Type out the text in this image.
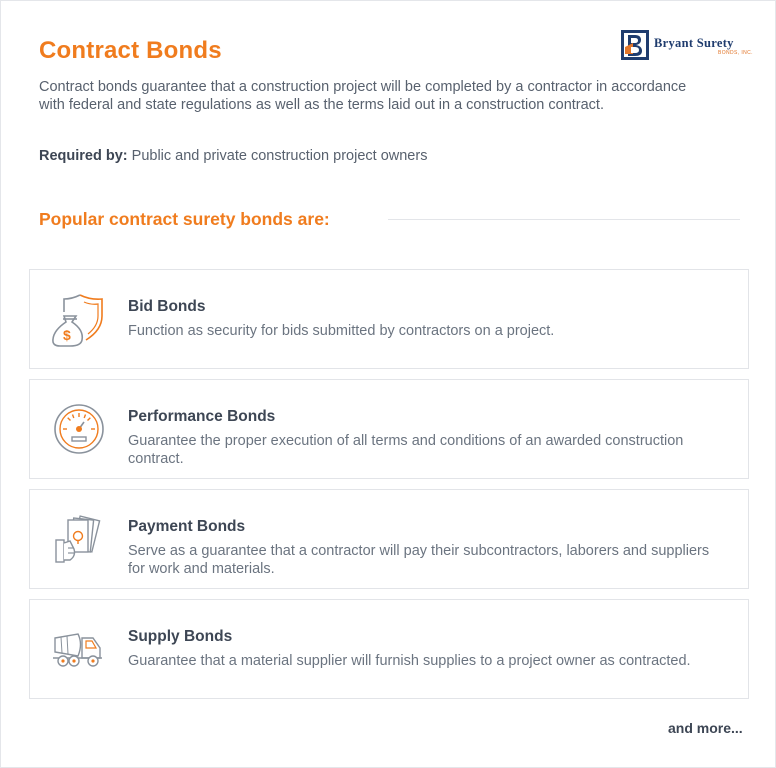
Contract Bonds	Bryant Surety
BONDS, INC.
Contract bonds guarantee that a construction project will be completed by a contractor in accordance with federal and state regulations as well as the terms laid out in a construction contract.
Required by: Public and private construction project owners
Popular contract surety bonds are:
$
Bid Bonds
Function as security for bids submitted by contractors on a project.
Performance Bonds
Guarantee the proper execution of all terms and conditions of an awarded construction contract.
Payment Bonds
Serve as a guarantee that a contractor will pay their subcontractors, laborers and suppliers for work and materials.
Supply Bonds
Guarantee that a material supplier will furnish supplies to a project owner as contracted.
and more...
